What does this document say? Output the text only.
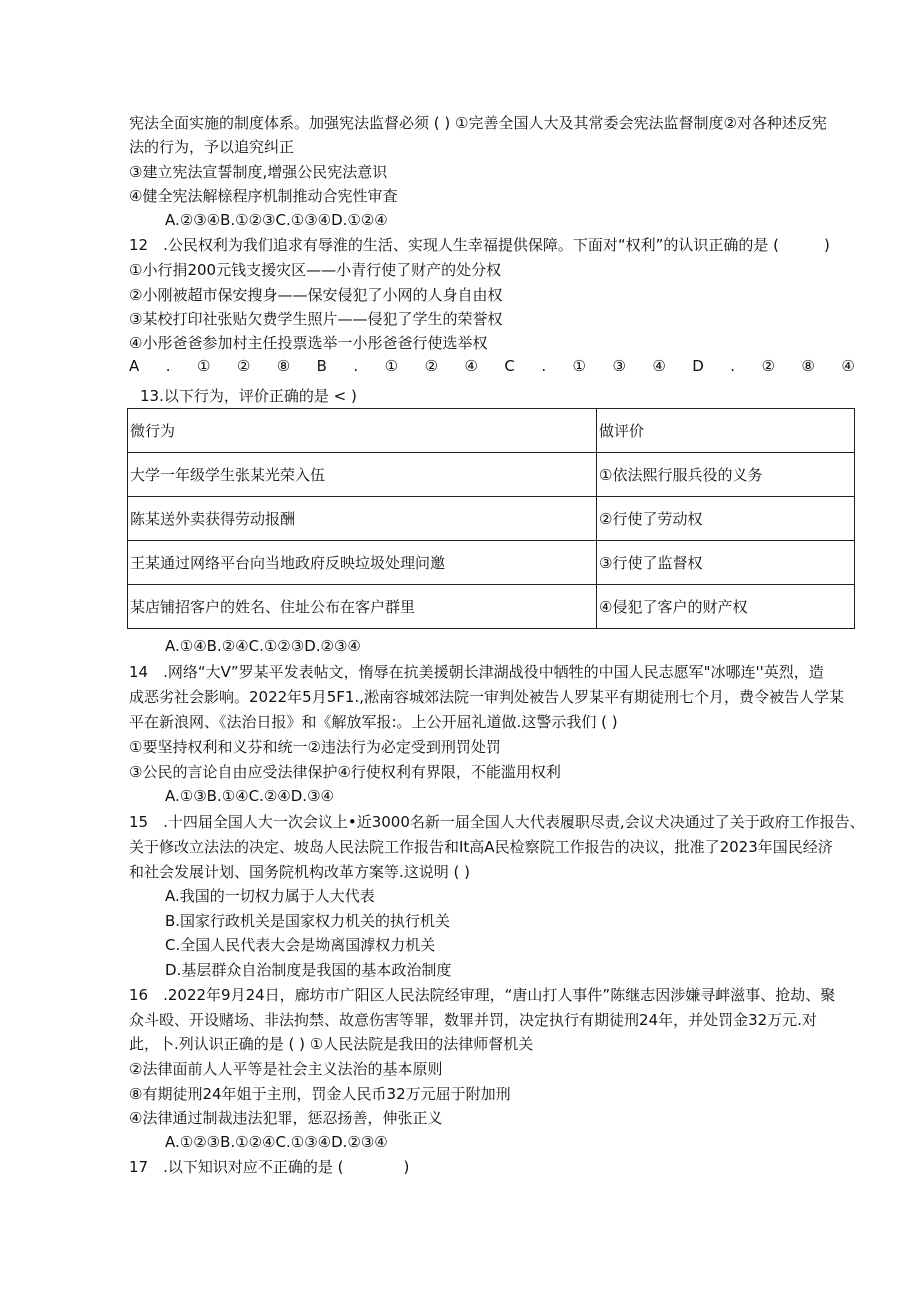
宪法全面实施的制度体系。加强宪法监督必须 ( ) ①完善全国人大及其常委会宪法监督制度②对各种述反宪
法的行为，予以追究纠正
③建立宪法宣誓制度,增强公民宪法意识
④健全宪法解榇程序机制推动合宪性审査
A.②③④B.①②③C.①③④D.①②④
12　.公民权利为我们追求有辱淮的生活、实现人生幸福提供保障。下面对“权利”的认识正确的是 (　　　)
①小行捐200元钱支援灾区——小青行使了财产的处分权
②小刚被超市保安搜身——保安侵犯了小网的人身自由权
③某校打印社张贴欠费学生照片——侵犯了学生的荣誉权
④小彤爸爸参加村主任投票选举一小彤爸爸行使选举权
A . ① ② ⑧ B . ① ② ④ C . ① ③ ④ D . ② ⑧ ④
13.以下行为，评价正确的是 < )
微行为	做评价
大学一年级学生张某光荣入伍	①依法熙行服兵役的义务
陈某送外卖获得劳动报酬	②行使了劳动权
王某通过网络平台向当地政府反映垃圾处理问邀	③行使了监督权
某店铺招客户的姓名、住址公布在客户群里	④侵犯了客户的财产权
A.①④B.②④C.①②③D.②③④
14　.网络“大V”罗某平发表帖文，惰辱在抗美援朝长津湖战役中牺牲的中国人民志愿军"冰哪连''英烈，造
成恶劣社会影响。2022年5月5F1.,淞南容城郊法院一审判处被告人罗某平有期徒刑七个月，费令被告人学某
平在新浪网、《法治日报》和《解放军报:。上公开屈礼道做.这警示我们 ( )
①要坚持权利和义芬和统一②违法行为必定受到刑罚处罚
③公民的言论自由应受法律保护④行使权利有界限，不能滥用权利
A.①③B.①④C.②④D.③④
15　.十四届全国人大一次会议上•近3000名新一届全国人大代表履职尽责,会议犬决通过了关于政府工作报告、
关于修改立法法的决定、坡岛人民法院工作报告和It高A民检察院工作报告的决议，批准了2023年国民经济
和社会发展计划、国务院机构改革方案等.这说明 ( )
A.我国的一切权力属于人大代表
B.国家行政机关是国家权力机关的执行机关
C.全国人民代表大会是坳离国滹权力机关
D.基层群众自治制度是我国的基本政治制度
16　.2022年9月24日，廊坊市广阳区人民法院经审理，“唐山打人事件”陈继志因涉嫌寻衅滋事、抢劫、聚
众斗殴、开设赌场、非法拘禁、故意伤害等罪，数罪并罚，决定执行有期徒刑24年，并处罚金32万元.对
此，卜.列认识正确的是 ( ) ①人民法院是我田的法律师督机关
②法律面前人人平等是社会主义法治的基本原则
⑧有期徒刑24年姐于主刑，罚金人民币32万元屈于附加刑
④法律通过制裁违法犯罪，惩忍扬善，伸张正义
A.①②③B.①②④C.①③④D.②③④
17　.以下知识对应不正确的是 (　　　　)
